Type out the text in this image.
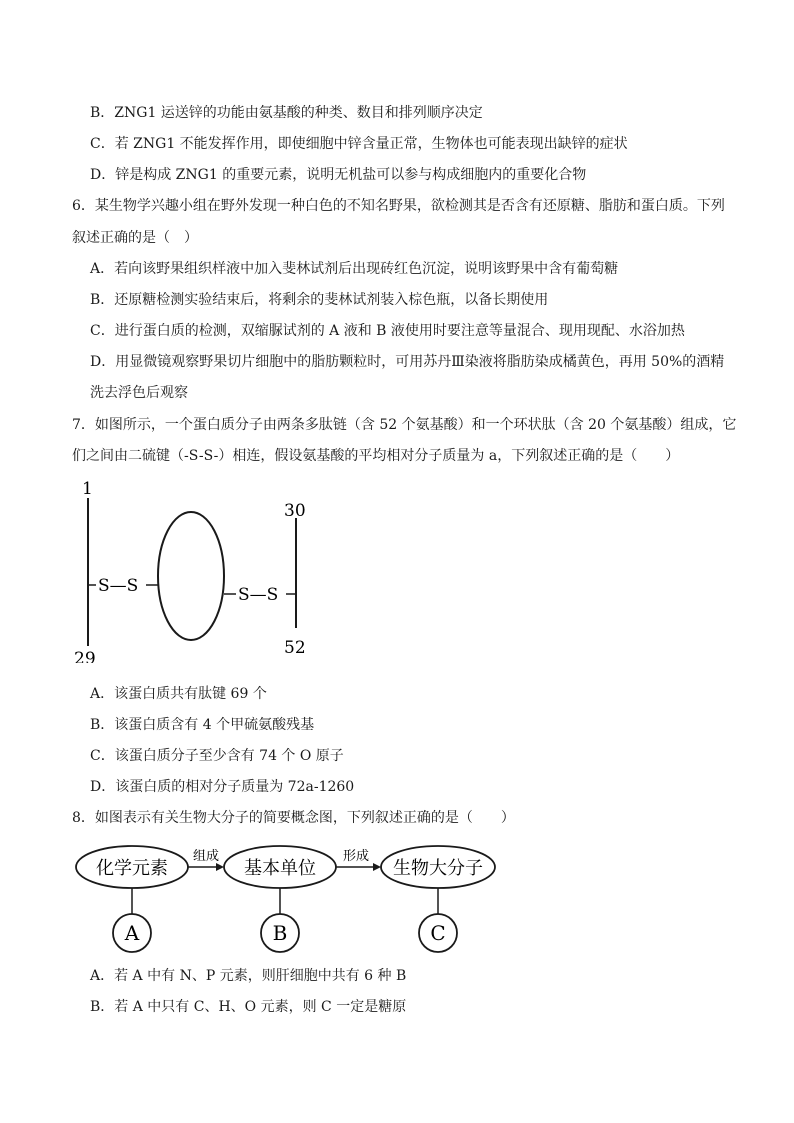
B．ZNG1 运送锌的功能由氨基酸的种类、数目和排列顺序决定
C．若 ZNG1 不能发挥作用，即使细胞中锌含量正常，生物体也可能表现出缺锌的症状
D．锌是构成 ZNG1 的重要元素，说明无机盐可以参与构成细胞内的重要化合物
6．某生物学兴趣小组在野外发现一种白色的不知名野果，欲检测其是否含有还原糖、脂肪和蛋白质。下列
叙述正确的是（　）
A．若向该野果组织样液中加入斐林试剂后出现砖红色沉淀，说明该野果中含有葡萄糖
B．还原糖检测实验结束后，将剩余的斐林试剂装入棕色瓶，以备长期使用
C．进行蛋白质的检测，双缩脲试剂的 A 液和 B 液使用时要注意等量混合、现用现配、水浴加热
D．用显微镜观察野果切片细胞中的脂肪颗粒时，可用苏丹Ⅲ染液将脂肪染成橘黄色，再用 50%的酒精
洗去浮色后观察
7．如图所示，一个蛋白质分子由两条多肽链（含 52 个氨基酸）和一个环状肽（含 20 个氨基酸）组成，它
们之间由二硫键（-S-S-）相连，假设氨基酸的平均相对分子质量为 a，下列叙述正确的是（　　）
1
29
S—S	S—S
30
52
A．该蛋白质共有肽键 69 个
B．该蛋白质含有 4 个甲硫氨酸残基
C．该蛋白质分子至少含有 74 个 O 原子
D．该蛋白质的相对分子质量为 72a-1260
8．如图表示有关生物大分子的简要概念图，下列叙述正确的是（　　）
化学元素	基本单位	生物大分子
组成	形成
A	B	C
A．若 A 中有 N、P 元素，则肝细胞中共有 6 种 B
B．若 A 中只有 C、H、O 元素，则 C 一定是糖原
